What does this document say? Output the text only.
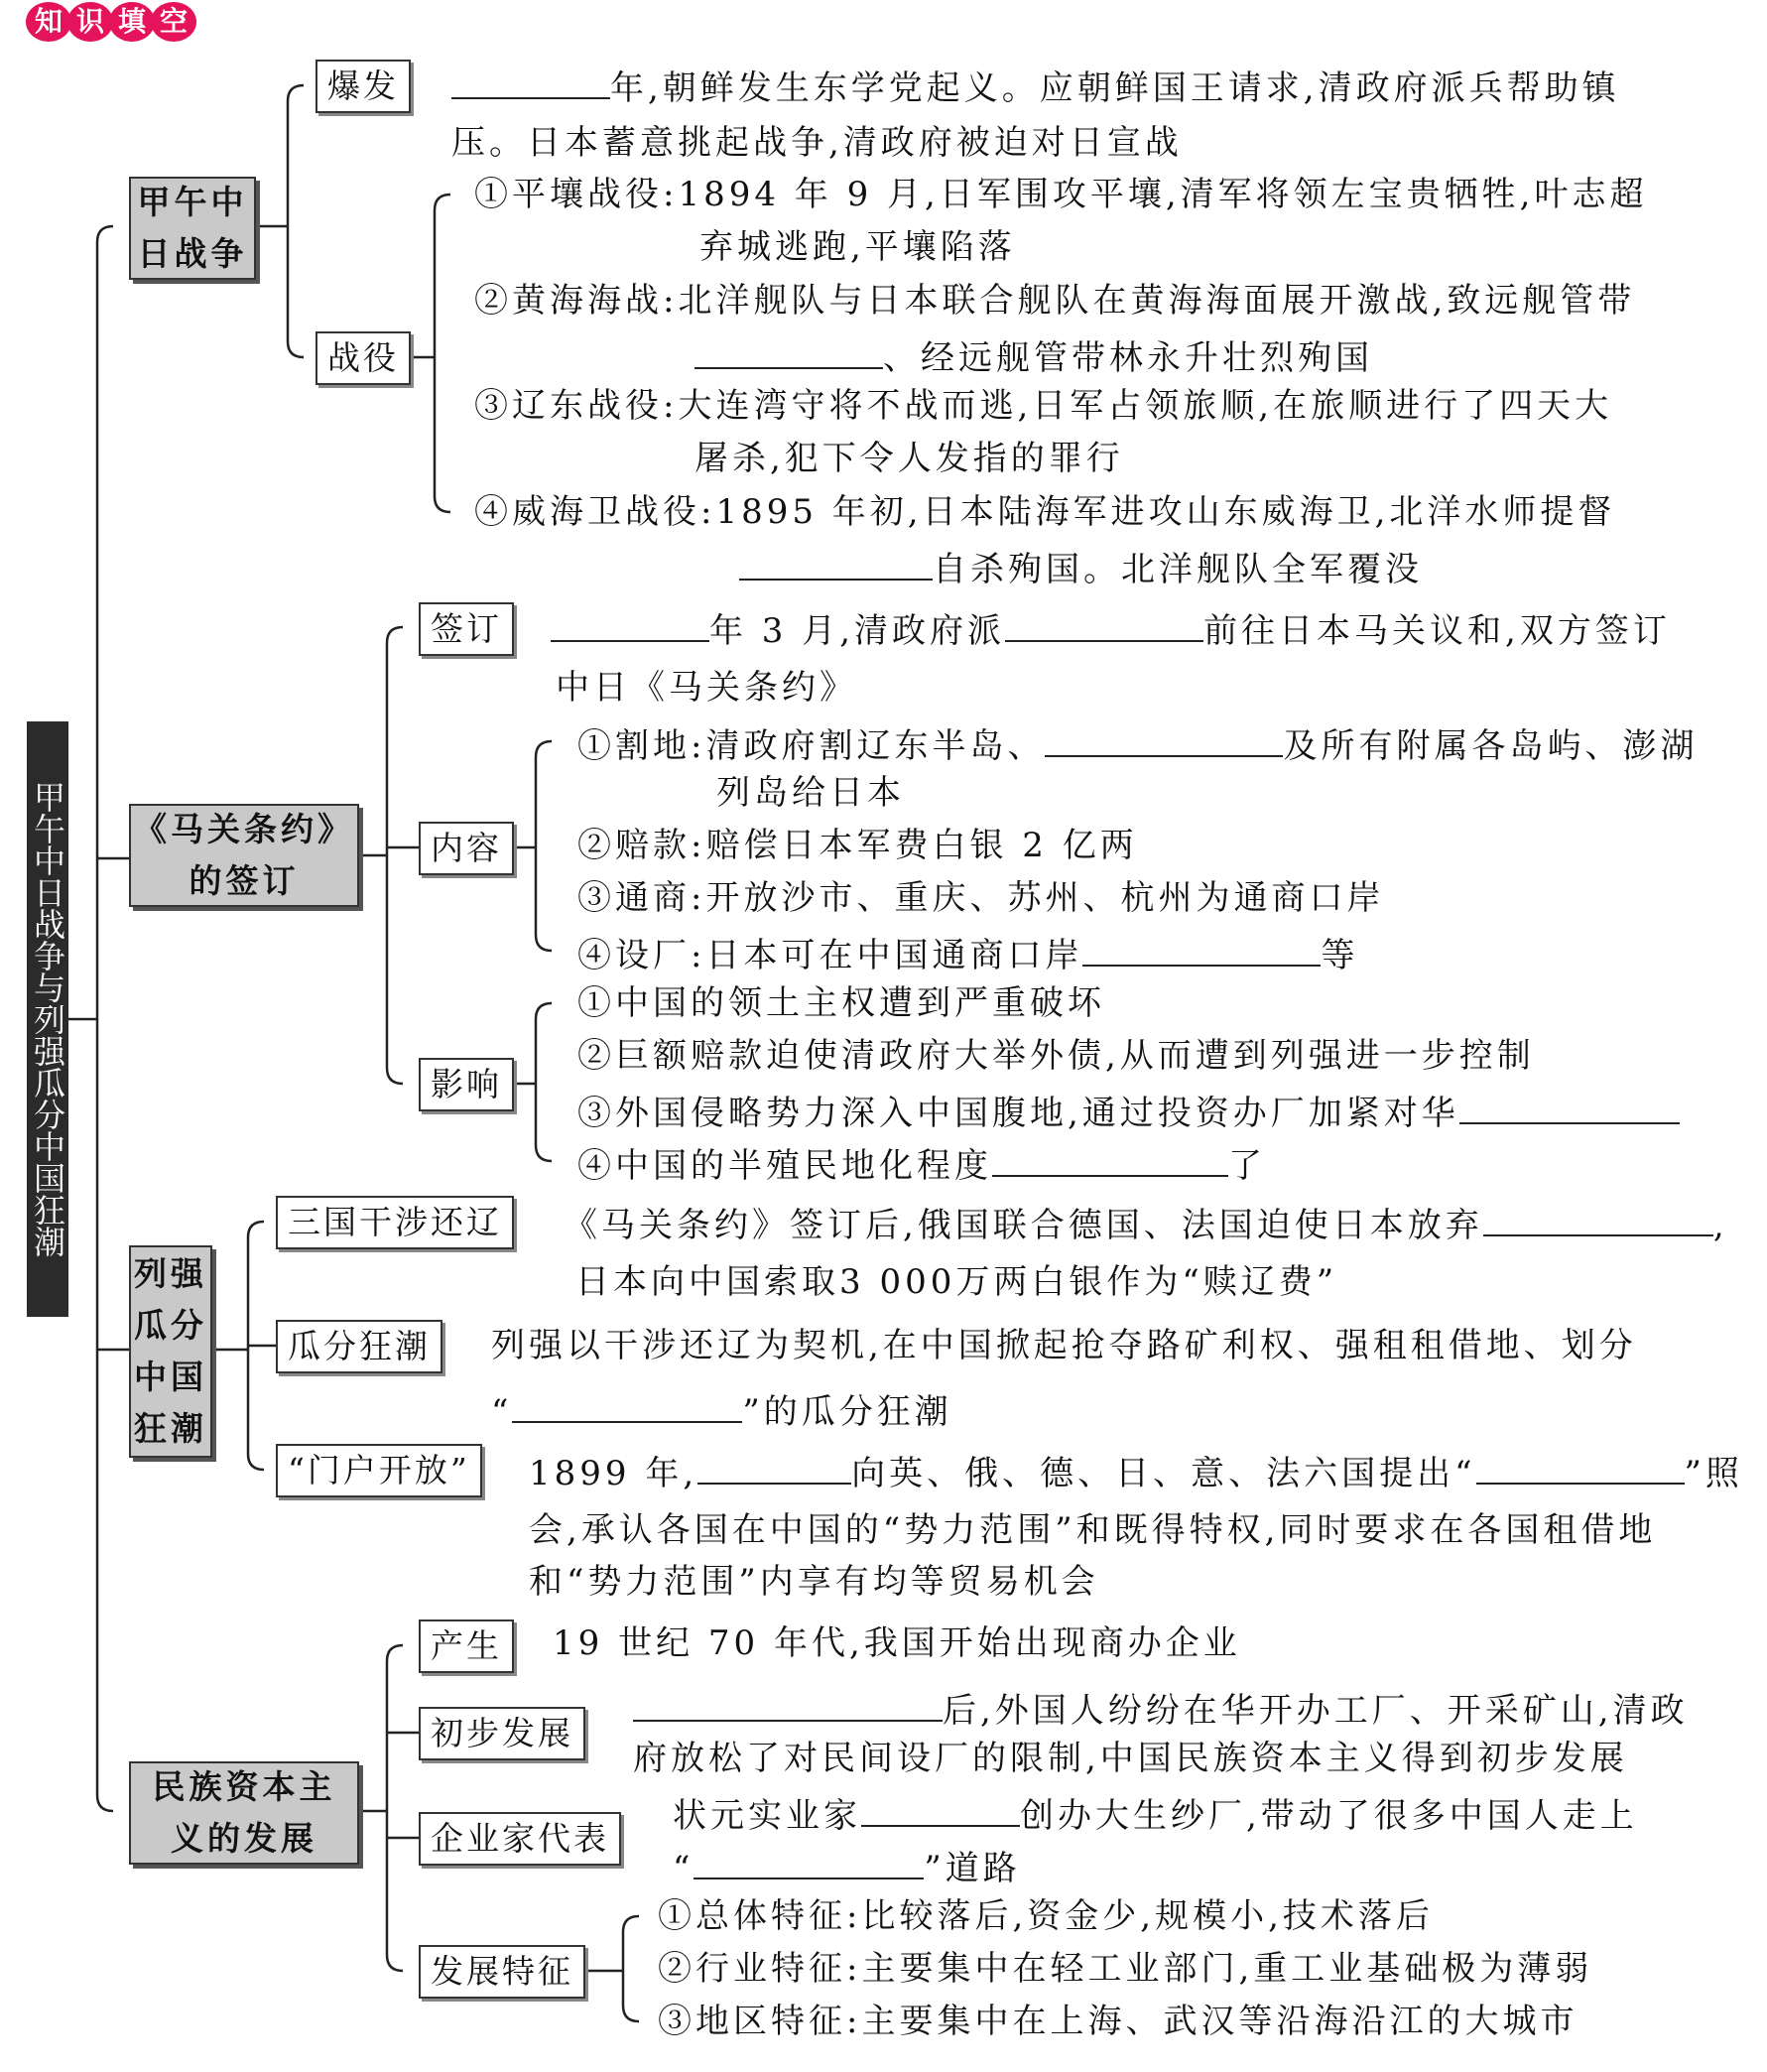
知 识 填 空
甲午中日战争与列强瓜分中国狂潮
甲午中
日战争
爆发	年,朝鲜发生东学党起义。应朝鲜国王请求,清政府派兵帮助镇
压。日本蓄意挑起战争,清政府被迫对日宣战
战役
①平壤战役:1894 年 9 月,日军围攻平壤,清军将领左宝贵牺牲,叶志超
弃城逃跑,平壤陷落
②黄海海战:北洋舰队与日本联合舰队在黄海海面展开激战,致远舰管带
、经远舰管带林永升壮烈殉国
③辽东战役:大连湾守将不战而逃,日军占领旅顺,在旅顺进行了四天大
屠杀,犯下令人发指的罪行
④威海卫战役:1895 年初,日本陆海军进攻山东威海卫,北洋水师提督
自杀殉国。北洋舰队全军覆没
《马关条约》
的签订
签订	年 3 月,清政府派	前往日本马关议和,双方签订
中日《马关条约》
内容
①割地:清政府割辽东半岛、	及所有附属各岛屿、澎湖
列岛给日本
②赔款:赔偿日本军费白银 2 亿两
③通商:开放沙市、重庆、苏州、杭州为通商口岸
④设厂:日本可在中国通商口岸	等
影响
①中国的领土主权遭到严重破坏
②巨额赔款迫使清政府大举外债,从而遭到列强进一步控制
③外国侵略势力深入中国腹地,通过投资办厂加紧对华
④中国的半殖民地化程度	了
列强
瓜分
中国
狂潮
三国干涉还辽	《马关条约》签订后,俄国联合德国、法国迫使日本放弃	,
日本向中国索取3 000万两白银作为“赎辽费”
瓜分狂潮	列强以干涉还辽为契机,在中国掀起抢夺路矿利权、强租租借地、划分
“	”的瓜分狂潮
“门户开放”	1899 年,	向英、俄、德、日、意、法六国提出“	”照
会,承认各国在中国的“势力范围”和既得特权,同时要求在各国租借地
和“势力范围”内享有均等贸易机会
民族资本主
义的发展
产生	19 世纪 70 年代,我国开始出现商办企业
初步发展
后,外国人纷纷在华开办工厂、开采矿山,清政
府放松了对民间设厂的限制,中国民族资本主义得到初步发展
企业家代表
状元实业家	创办大生纱厂,带动了很多中国人走上
“	”道路
发展特征
①总体特征:比较落后,资金少,规模小,技术落后
②行业特征:主要集中在轻工业部门,重工业基础极为薄弱
③地区特征:主要集中在上海、武汉等沿海沿江的大城市
